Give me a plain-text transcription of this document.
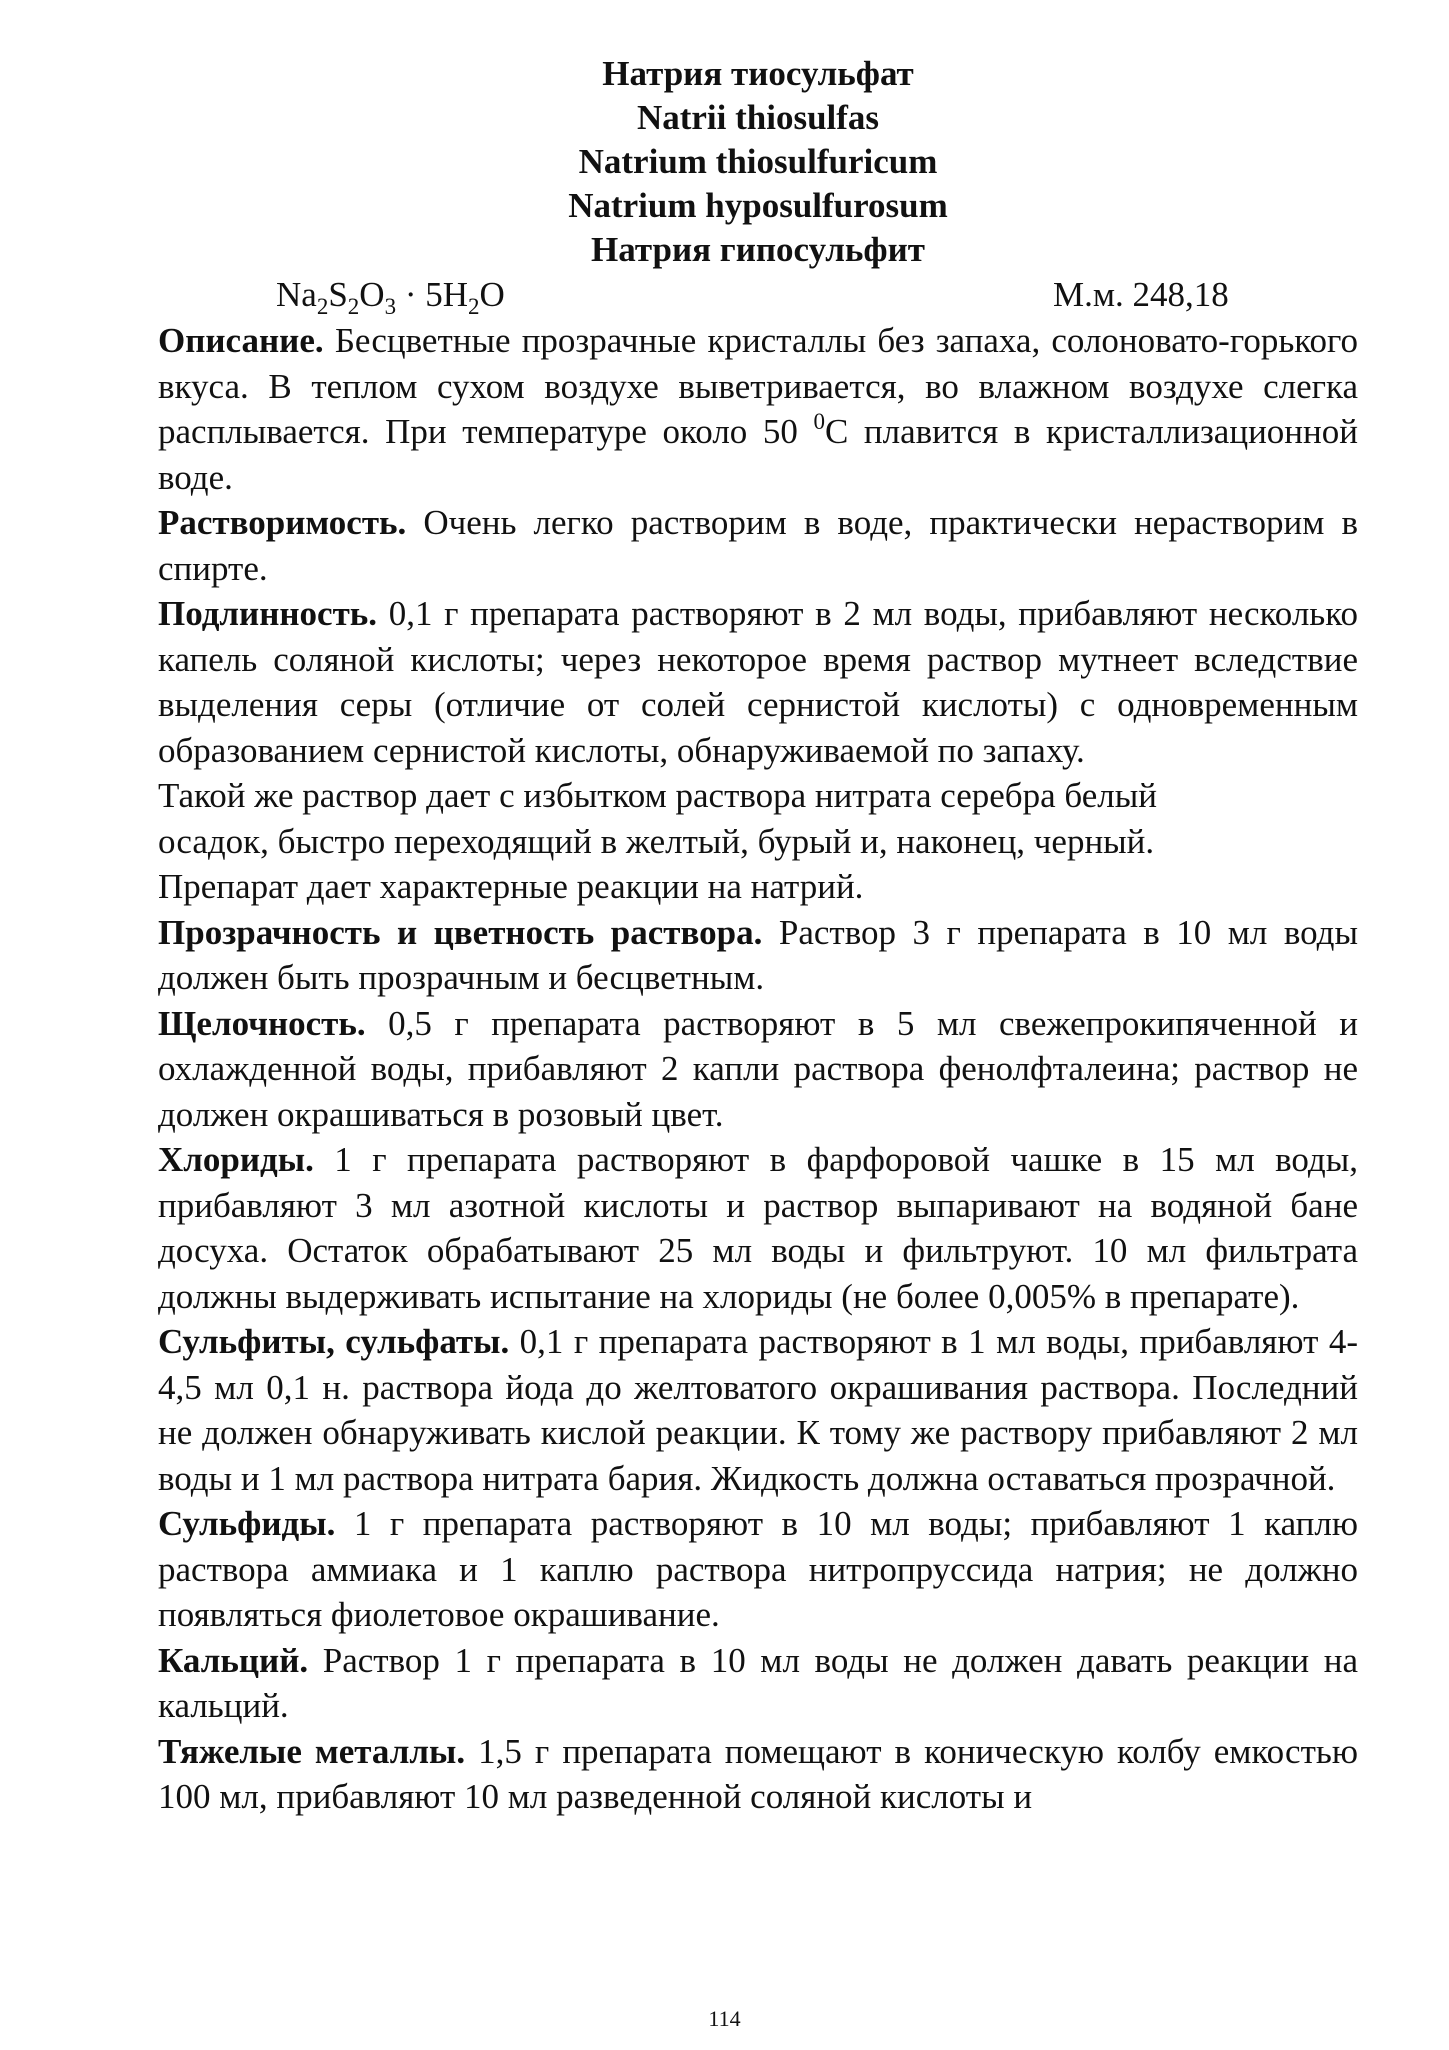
Натрия тиосульфат
Natrii thiosulfas
Natrium thiosulfuricum
Natrium hyposulfurosum
Натрия гипосульфит
$Na_2S_2O_3 \cdot 5H_2O$	М.м. 248,18

Описание. Бесцветные прозрачные кристаллы без запаха, солоновато-горького вкуса. В теплом сухом воздухе выветривается, во влажном воздухе слегка расплывается. При температуре около 50 $^0$С плавится в кристаллизационной воде.

Растворимость. Очень легко растворим в воде, практически нерастворим в спирте.

Подлинность. 0,1 г препарата растворяют в 2 мл воды, прибавляют несколько капель соляной кислоты; через некоторое время раствор мутнеет вследствие выделения серы (отличие от солей сернистой кислоты) с одновременным образованием сернистой кислоты, обнаруживаемой по запаху.

Такой же раствор дает с избытком раствора нитрата серебра белый

осадок, быстро переходящий в желтый, бурый и, наконец, черный.

Препарат дает характерные реакции на натрий.

Прозрачность и цветность раствора. Раствор 3 г препарата в 10 мл воды должен быть прозрачным и бесцветным.

Щелочность. 0,5 г препарата растворяют в 5 мл свежепрокипяченной и охлажденной воды, прибавляют 2 капли раствора фенолфталеина; раствор не должен окрашиваться в розовый цвет.

Хлориды. 1 г препарата растворяют в фарфоровой чашке в 15 мл воды, прибавляют 3 мл азотной кислоты и раствор выпаривают на водяной бане досуха. Остаток обрабатывают 25 мл воды и фильтруют. 10 мл фильтрата должны выдерживать испытание на хлориды (не более 0,005% в препарате).

Сульфиты, сульфаты. 0,1 г препарата растворяют в 1 мл воды, прибавляют 4-4,5 мл 0,1 н. раствора йода до желтоватого окрашивания раствора. Последний не должен обнаруживать кислой реакции. К тому же раствору прибавляют 2 мл воды и 1 мл раствора нитрата бария. Жидкость должна оставаться прозрачной.

Сульфиды. 1 г препарата растворяют в 10 мл воды; прибавляют 1 каплю раствора аммиака и 1 каплю раствора нитропруссида натрия; не должно появляться фиолетовое окрашивание.

Кальций. Раствор 1 г препарата в 10 мл воды не должен давать реакции на кальций.

Тяжелые металлы. 1,5 г препарата помещают в коническую колбу емкостью 100 мл, прибавляют 10 мл разведенной соляной кислоты и

114
